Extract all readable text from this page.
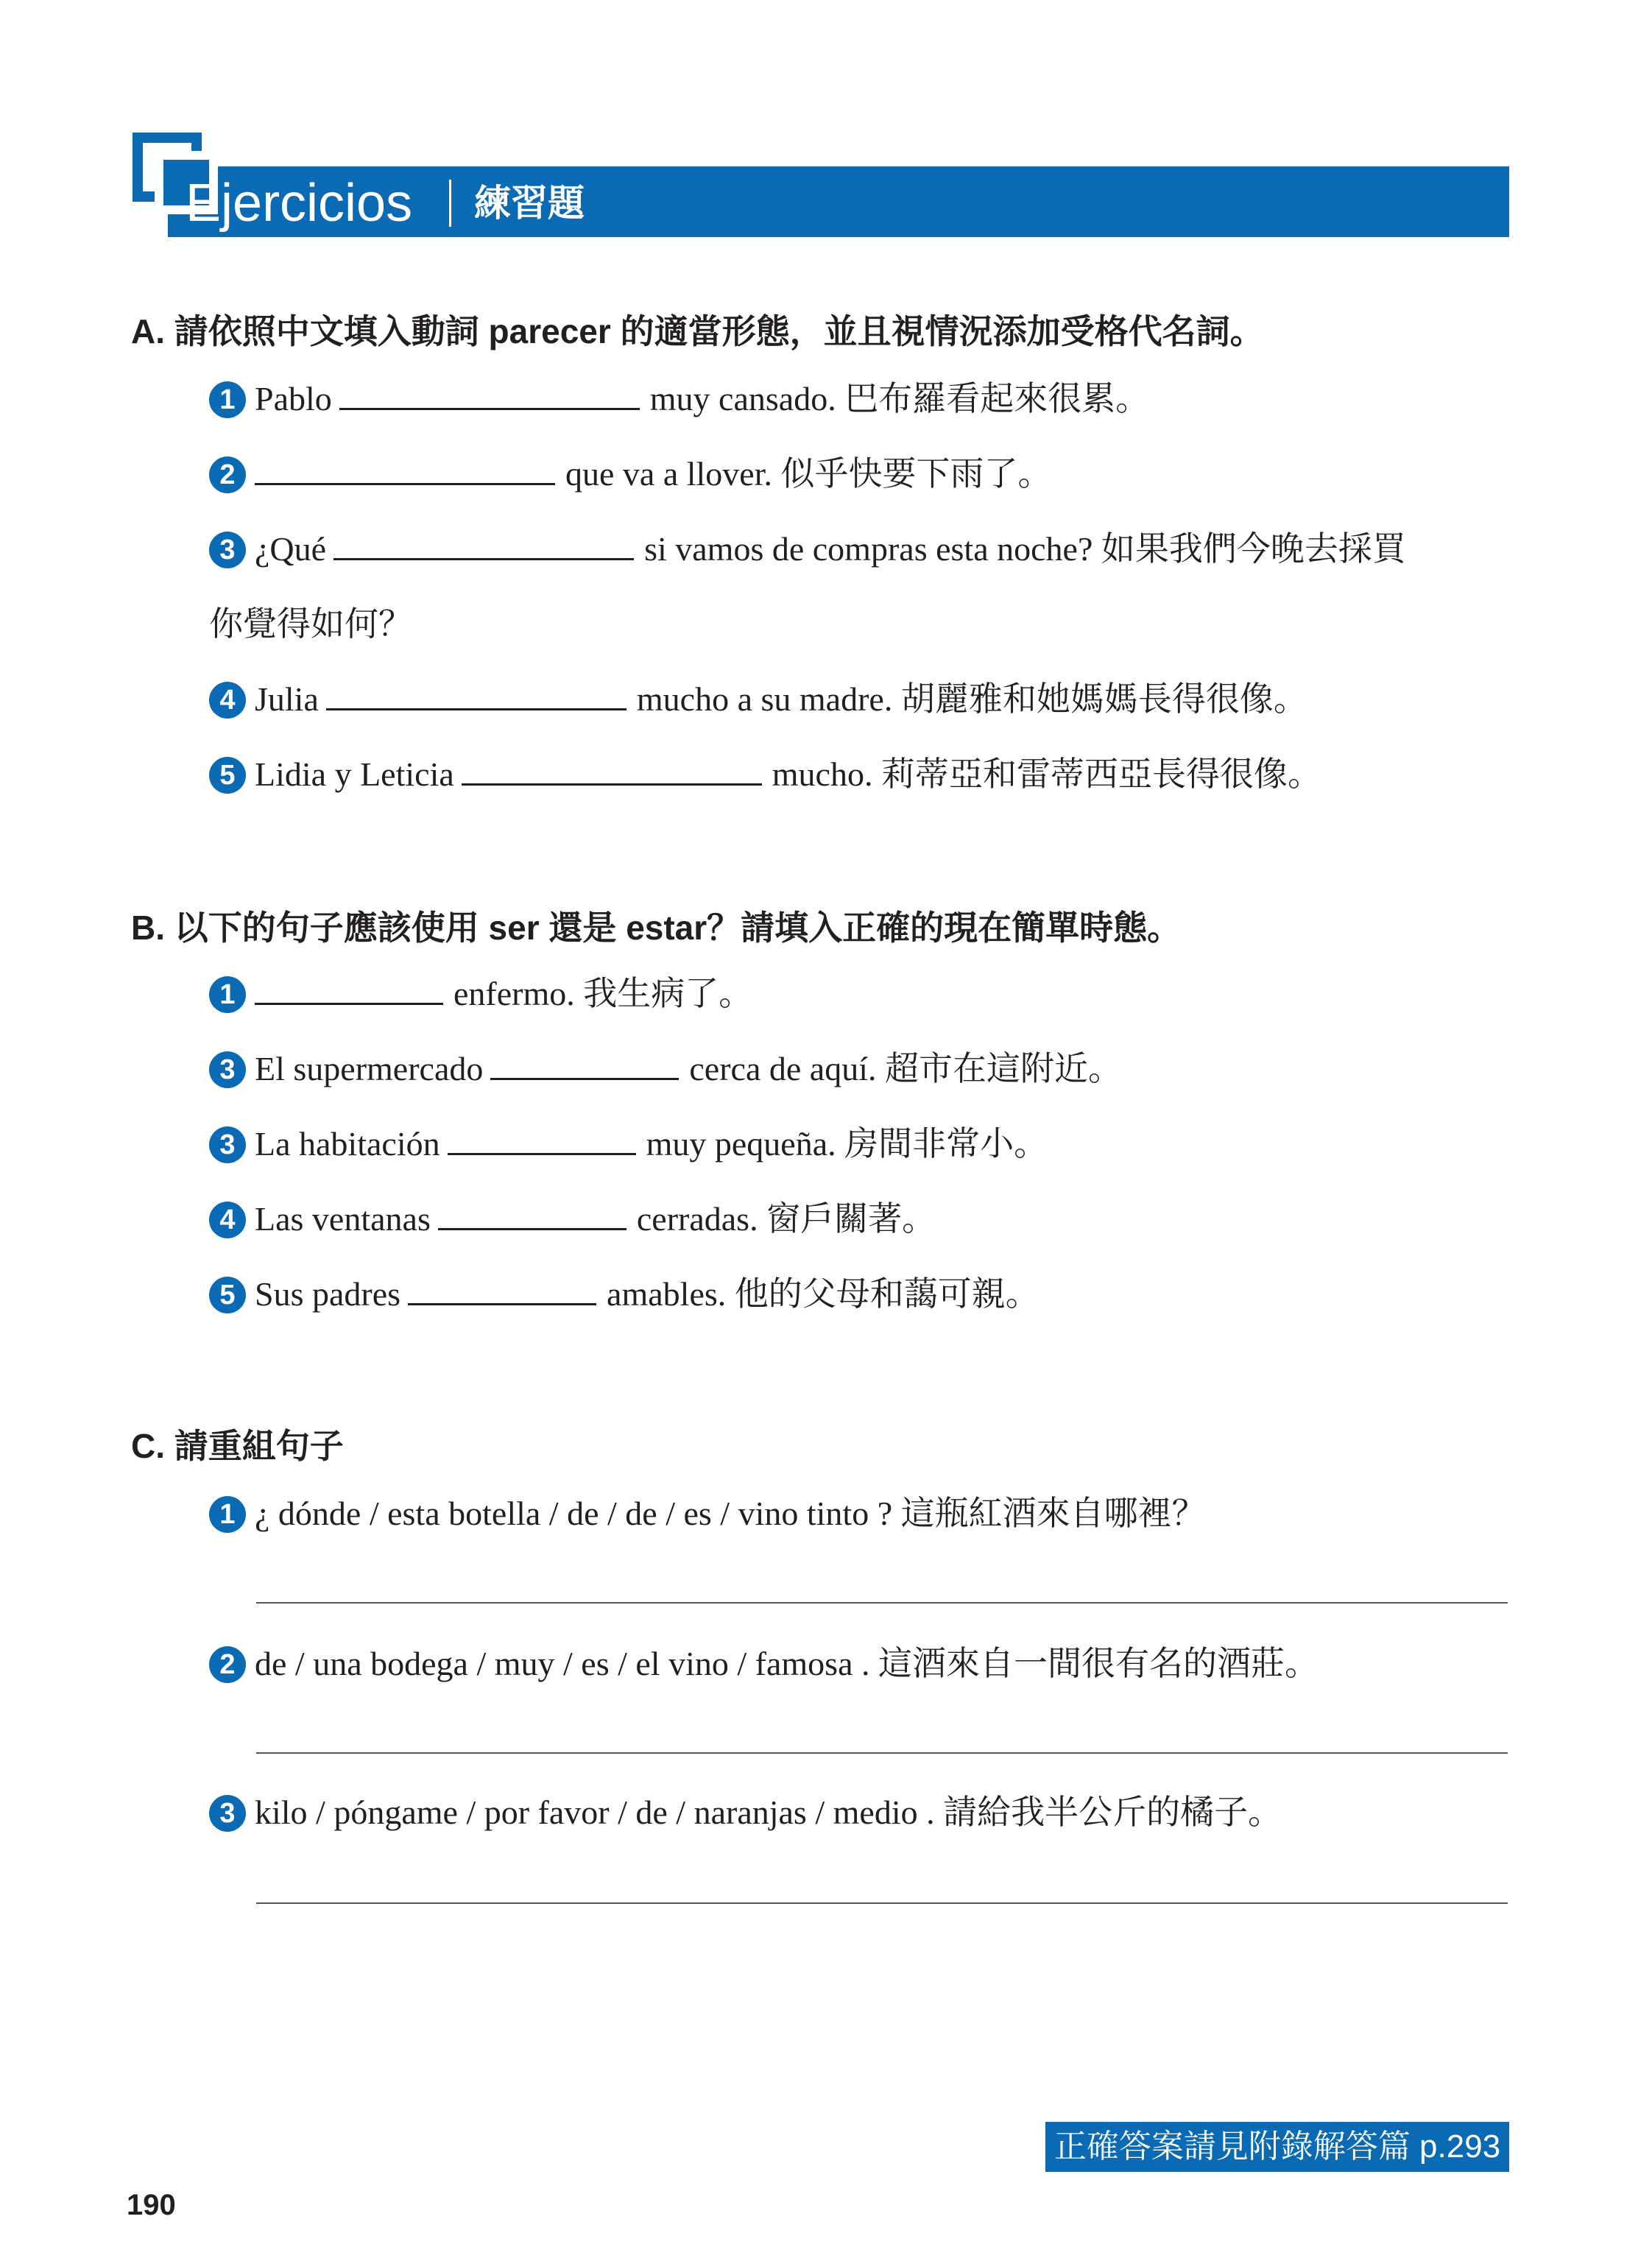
Ejercicios 練習題
A. 請依照中文填入動詞 parecer 的適當形態，並且視情況添加受格代名詞。
1 Pablo	muy cansado. 巴布羅看起來很累。
2	que va a llover. 似乎快要下雨了。
3 ¿Qué	si vamos de compras esta noche? 如果我們今晚去採買
你覺得如何？
4 Julia	mucho a su madre. 胡麗雅和她媽媽長得很像。
5 Lidia y Leticia	mucho. 莉蒂亞和雷蒂西亞長得很像。
B. 以下的句子應該使用 ser 還是 estar？請填入正確的現在簡單時態。
1	enfermo. 我生病了。
3 El supermercado	cerca de aquí. 超市在這附近。
3 La habitación	muy pequeña. 房間非常小。
4 Las ventanas	cerradas. 窗戶關著。
5 Sus padres	amables. 他的父母和藹可親。
C. 請重組句子
1 ¿ dónde / esta botella / de / de / es / vino tinto ? 這瓶紅酒來自哪裡？
2 de / una bodega / muy / es / el vino / famosa . 這酒來自一間很有名的酒莊。
3 kilo / póngame / por favor / de / naranjas / medio . 請給我半公斤的橘子。
正確答案請見附錄解答篇 p.293
190
